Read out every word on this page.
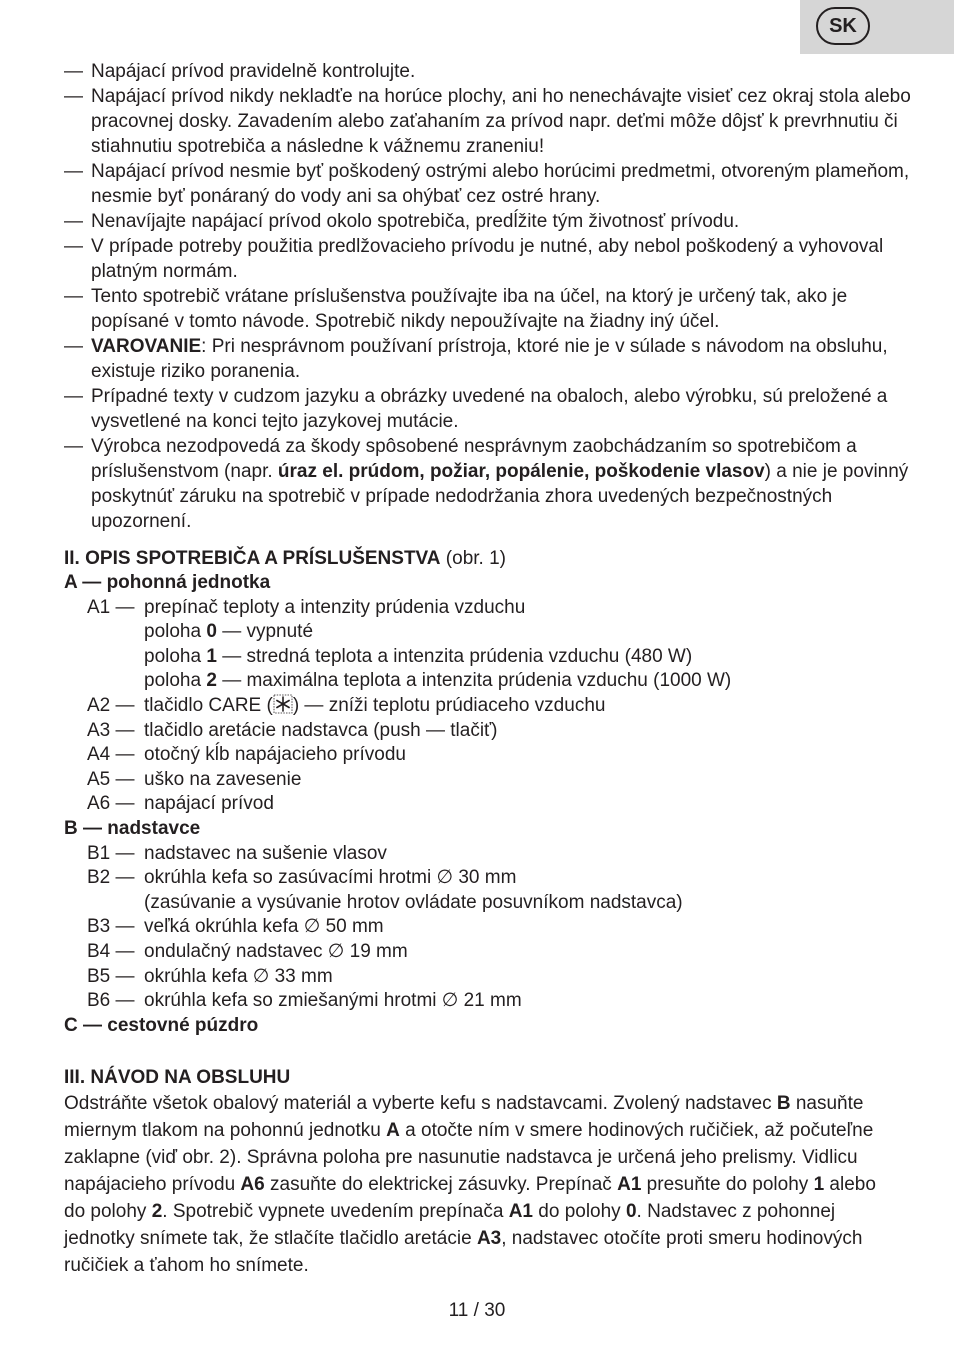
SK
— Napájací prívod pravidelně kontrolujte.
— Napájací prívod nikdy nekladťe na horúce plochy, ani ho nenechávajte visieť cez okraj stola alebo pracovnej dosky. Zavadením alebo zaťahaním za prívod napr. deťmi môže dôjsť k prevrhnutiu či stiahnutiu spotrebiča a následne k vážnemu zraneniu!
— Napájací prívod nesmie byť poškodený ostrými alebo horúcimi predmetmi, otvoreným plameňom, nesmie byť ponáraný do vody ani sa ohýbať cez ostré hrany.
— Nenavíjajte napájací prívod okolo spotrebiča, predĺžite tým životnosť prívodu.
— V prípade potreby použitia predlžovacieho prívodu je nutné, aby nebol poškodený a vyhovoval platným normám.
— Tento spotrebič vrátane príslušenstva používajte iba na účel, na ktorý je určený tak, ako je popísané v tomto návode. Spotrebič nikdy nepoužívajte na žiadny iný účel.
— VAROVANIE: Pri nesprávnom používaní prístroja, ktoré nie je v súlade s návodom na obsluhu, existuje riziko poranenia.
— Prípadné texty v cudzom jazyku a obrázky uvedené na obaloch, alebo výrobku, sú preložené a vysvetlené na konci tejto jazykovej mutácie.
— Výrobca nezodpovedá za škody spôsobené nesprávnym zaobchádzaním so spotrebičom a príslušenstvom (napr. úraz el. prúdom, požiar, popálenie, poškodenie vlasov) a nie je povinný poskytnúť záruku na spotrebič v prípade nedodržania zhora uvedených bezpečnostných upozornení.
II. OPIS SPOTREBIČA A PRÍSLUŠENSTVA (obr. 1)
A — pohonná jednotka
A1 — prepínač teploty a intenzity prúdenia vzduchu
poloha 0 — vypnuté
poloha 1 — stredná teplota a intenzita prúdenia vzduchu (480 W)
poloha 2 — maximálna teplota a intenzita prúdenia vzduchu (1000 W)
A2 — tlačidlo CARE ( ) — zníži teplotu prúdiaceho vzduchu
A3 — tlačidlo aretácie nadstavca (push — tlačiť)
A4 — otočný kĺb napájacieho prívodu
A5 — uško na zavesenie
A6 — napájací prívod
B — nadstavce
B1 — nadstavec na sušenie vlasov
B2 — okrúhla kefa so zasúvacími hrotmi ∅ 30 mm
(zasúvanie a vysúvanie hrotov ovládate posuvníkom nadstavca)
B3 — veľká okrúhla kefa ∅ 50 mm
B4 — ondulačný nadstavec ∅ 19 mm
B5 — okrúhla kefa ∅ 33 mm
B6 — okrúhla kefa so zmiešanými hrotmi ∅ 21 mm
C — cestovné púzdro
III. NÁVOD NA OBSLUHU

Odstráňte všetok obalový materiál a vyberte kefu s nadstavcami. Zvolený nadstavec B nasuňte miernym tlakom na pohonnú jednotku A a otočte ním v smere hodinových ručičiek, až počuteľne zaklapne (viď obr. 2). Správna poloha pre nasunutie nadstavca je určená jeho prelismy. Vidlicu napájacieho prívodu A6 zasuňte do elektrickej zásuvky. Prepínač A1 presuňte do polohy 1 alebo do polohy 2. Spotrebič vypnete uvedením prepínača A1 do polohy 0. Nadstavec z pohonnej jednotky snímete tak, že stlačíte tlačidlo aretácie A3, nadstavec otočíte proti smeru hodinových ručičiek a ťahom ho snímete.

11 / 30
